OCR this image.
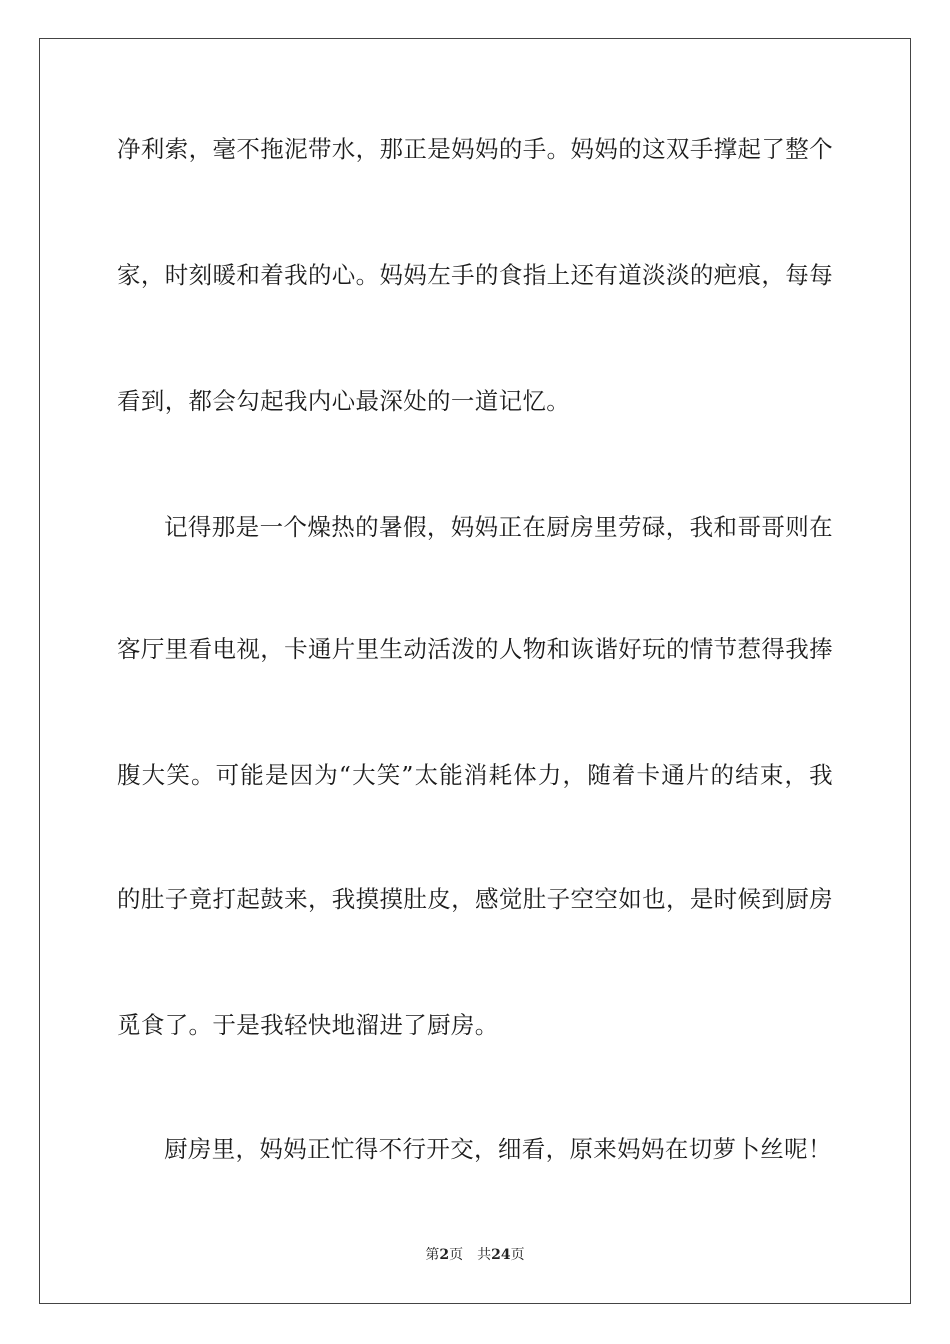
净利索，毫不拖泥带水，那正是妈妈的手。妈妈的这双手撑起了整个
家，时刻暖和着我的心。妈妈左手的食指上还有道淡淡的疤痕，每每
看到，都会勾起我内心最深处的一道记忆。
记得那是一个燥热的暑假，妈妈正在厨房里劳碌，我和哥哥则在
客厅里看电视，卡通片里生动活泼的人物和诙谐好玩的情节惹得我捧
腹大笑。可能是因为“大笑”太能消耗体力，随着卡通片的结束，我
的肚子竟打起鼓来，我摸摸肚皮，感觉肚子空空如也，是时候到厨房
觅食了。于是我轻快地溜进了厨房。
厨房里，妈妈正忙得不行开交，细看，原来妈妈在切萝卜丝呢！
第2页 共24页
